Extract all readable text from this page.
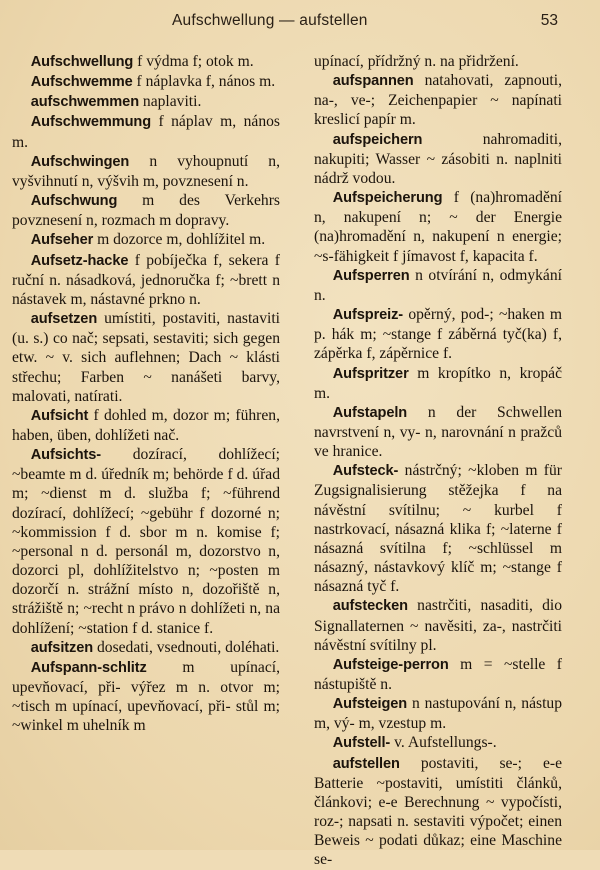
Aufschwellung — aufstellen	53

Aufschwellung f výdma f; otok m.

Aufschwemme f náplavka f, nános m.

aufschwemmen naplaviti.

Aufschwemmung f náplav m, nános m.

Aufschwingen n vyhoupnutí n, vyšvihnutí n, výšvih m, povznesení n.

Aufschwung m des Verkehrs povznesení n, rozmach m dopravy.

Aufseher m dozorce m, dohlížitel m.

Aufsetz-hacke f pobíječka f, sekera f ruční n. násadková, jednoručka f; ~brett n nástavek m, nástavné prkno n.

aufsetzen umístiti, postaviti, nastaviti (u. s.) co nač; sepsati, sestaviti; sich gegen etw. ~ v. sich auflehnen; Dach ~ klásti střechu; Farben ~ nanášeti barvy, malovati, natírati.

Aufsicht f dohled m, dozor m; führen, haben, üben, dohlížeti nač.

Aufsichts- dozírací, dohlížecí; ~beamte m d. úředník m; behörde f d. úřad m; ~dienst m d. služba f; ~führend dozírací, dohlížecí; ~gebühr f dozorné n; ~kommission f d. sbor m n. komise f; ~personal n d. personál m, dozorstvo n, dozorci pl, dohlížitelstvo n; ~posten m dozorčí n. strážní místo n, dozořiště n, strážiště n; ~recht n právo n dohlížeti n, na dohlížení; ~station f d. stanice f.

aufsitzen dosedati, vsednouti, doléhati.

Aufspann-schlitz m upínací, upevňovací, při- výřez m n. otvor m; ~tisch m upínací, upevňovací, při- stůl m; ~winkel m uhelník m

upínací, přídržný n. na přidržení.

aufspannen natahovati, zapnouti, na-, ve-; Zeichenpapier ~ napínati kreslicí papír m.

aufspeichern nahromaditi, nakupiti; Wasser ~ zásobiti n. naplniti nádrž vodou.

Aufspeicherung f (na)hromadění n, nakupení n; ~ der Energie (na)hromadění n, nakupení n energie; ~s-fähigkeit f jímavost f, kapacita f.

Aufsperren n otvírání n, odmykání n.

Aufspreiz- opěrný, pod-; ~haken m p. hák m; ~stange f záběrná tyč(ka) f, zápěrka f, zápěrnice f.

Aufspritzer m kropítko n, kropáč m.

Aufstapeln n der Schwellen navrstvení n, vy- n, narovnání n pražců ve hranice.

Aufsteck- nástrčný; ~kloben m für Zugsignalisierung stěžejka f na návěstní svítilnu; ~ kurbel f nastrkovací, násazná klika f; ~laterne f násazná svítilna f; ~schlüssel m násazný, nástavkový klíč m; ~stange f násazná tyč f.

aufstecken nastrčiti, nasaditi, dio Signallaternen ~ navěsiti, za-, nastrčiti návěstní svítilny pl.

Aufsteige-perron m = ~stelle f nástupiště n.

Aufsteigen n nastupování n, nástup m, vý- m, vzestup m.

Aufstell- v. Aufstellungs-.

aufstellen postaviti, se-; e-e Batterie ~postaviti, umístiti článků, článkovi; e-e Berechnung ~ vypočísti, roz-; napsati n. sestaviti výpočet; einen Beweis ~ podati důkaz; eine Maschine se-
